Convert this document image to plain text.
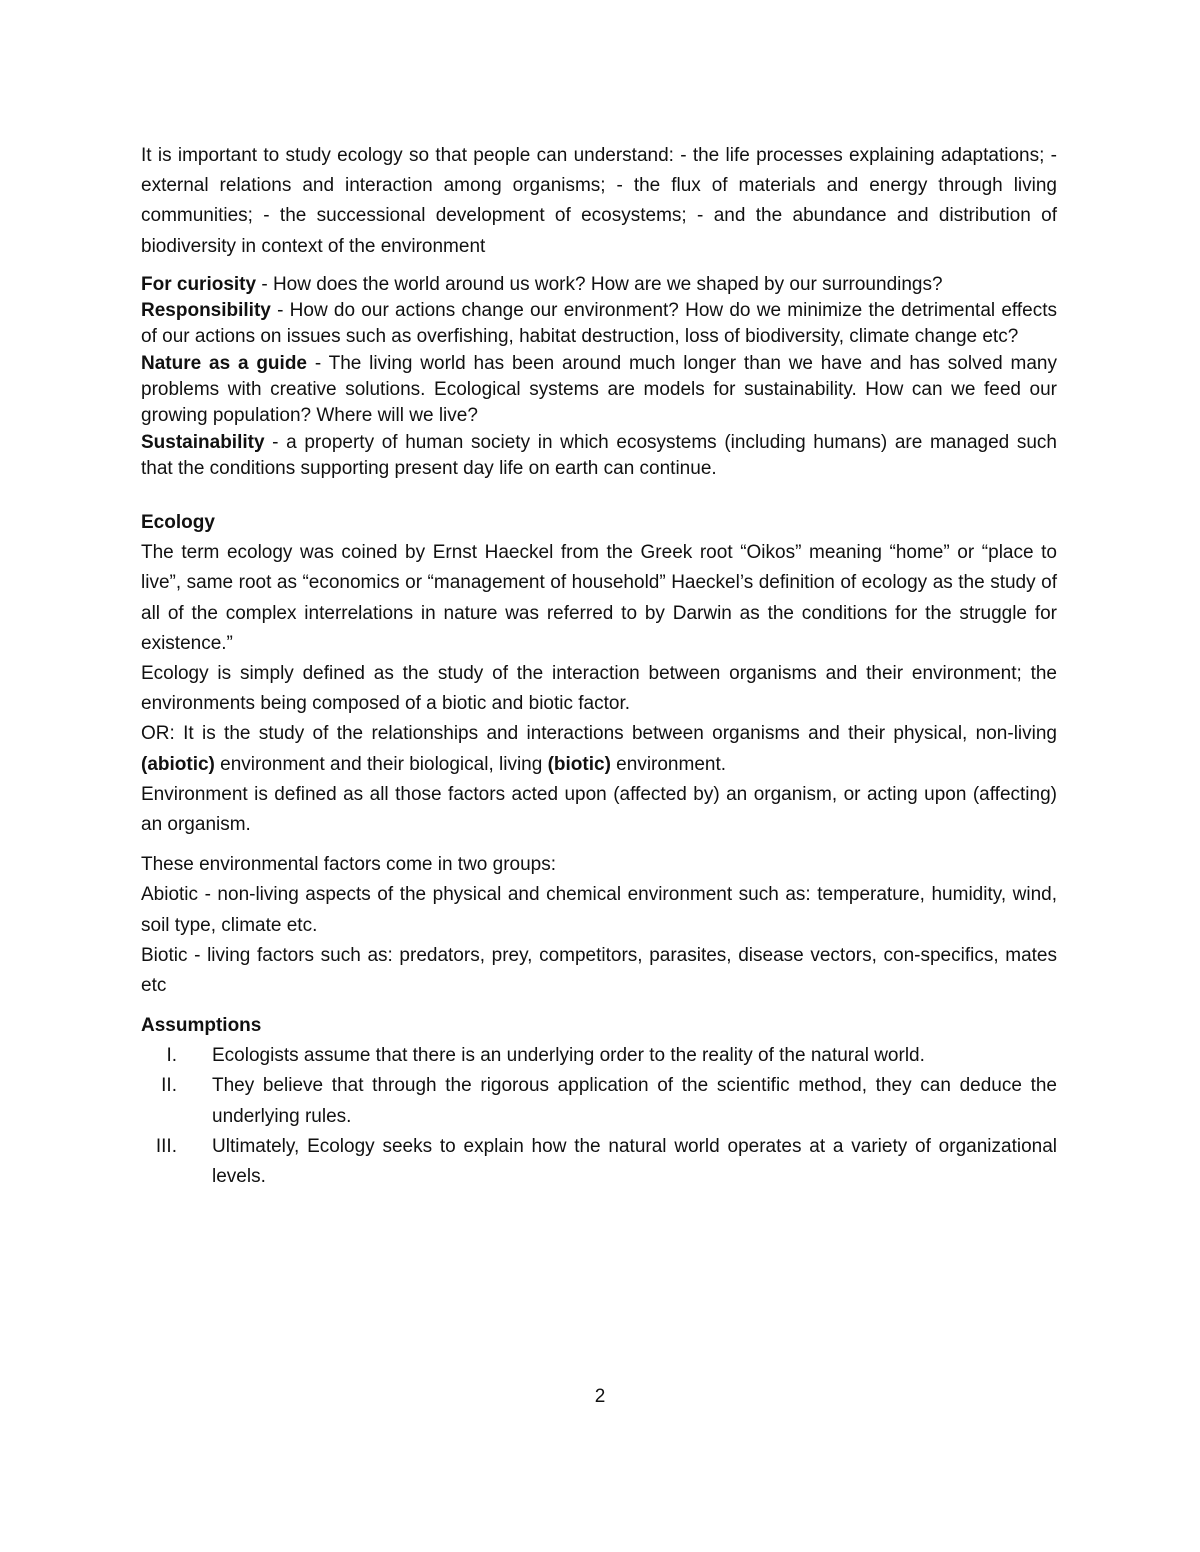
It is important to study ecology so that people can understand: - the life processes explaining adaptations; - external relations and interaction among organisms; - the flux of materials and energy through living communities; - the successional development of ecosystems; - and the abundance and distribution of biodiversity in context of the environment

For curiosity - How does the world around us work? How are we shaped by our surroundings?

Responsibility - How do our actions change our environment? How do we minimize the detrimental effects of our actions on issues such as overfishing, habitat destruction, loss of biodiversity, climate change etc?

Nature as a guide - The living world has been around much longer than we have and has solved many problems with creative solutions. Ecological systems are models for sustainability. How can we feed our growing population? Where will we live?

Sustainability - a property of human society in which ecosystems (including humans) are managed such that the conditions supporting present day life on earth can continue.

Ecology

The term ecology was coined by Ernst Haeckel from the Greek root “Oikos” meaning “home” or “place to live”, same root as “economics or “management of household” Haeckel’s definition of ecology as the study of all of the complex interrelations in nature was referred to by Darwin as the conditions for the struggle for existence.”

Ecology is simply defined as the study of the interaction between organisms and their environment; the environments being composed of a biotic and biotic factor.

OR: It is the study of the relationships and interactions between organisms and their physical, non-living (abiotic) environment and their biological, living (biotic) environment.

Environment is defined as all those factors acted upon (affected by) an organism, or acting upon (affecting) an organism.

These environmental factors come in two groups:

Abiotic - non-living aspects of the physical and chemical environment such as: temperature, humidity, wind, soil type, climate etc.

Biotic - living factors such as: predators, prey, competitors, parasites, disease vectors, con-specifics, mates etc

Assumptions

I. Ecologists assume that there is an underlying order to the reality of the natural world.
II. They believe that through the rigorous application of the scientific method, they can deduce the underlying rules.
III. Ultimately, Ecology seeks to explain how the natural world operates at a variety of organizational levels.
2
